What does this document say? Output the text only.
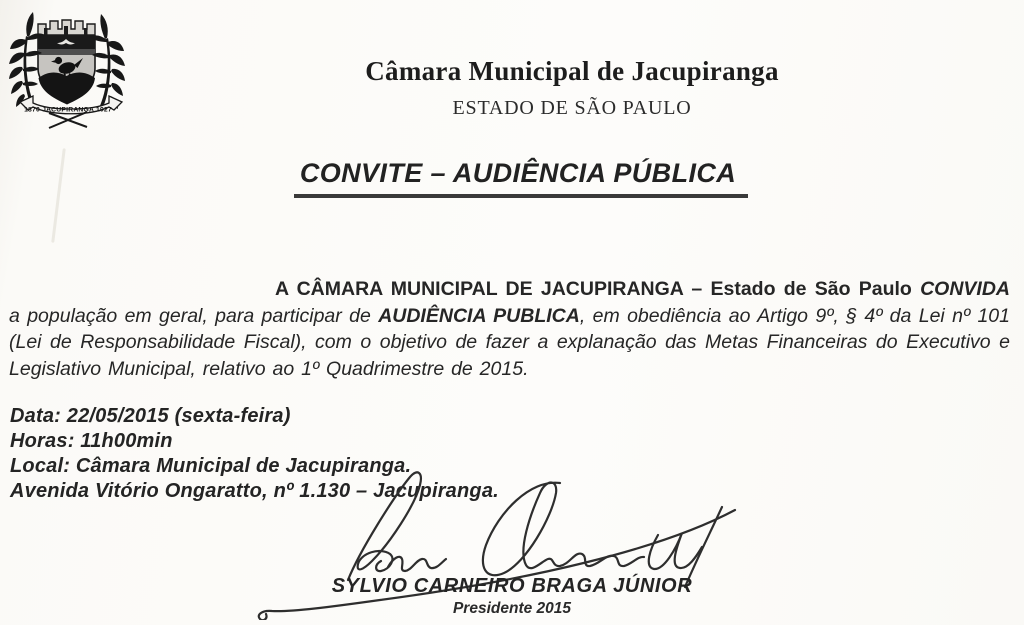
1870 JACUPIRANGA 1927
Câmara Municipal de Jacupiranga
ESTADO DE SÃO PAULO
CONVITE – AUDIÊNCIA PÚBLICA

A CÂMARA MUNICIPAL DE JACUPIRANGA – Estado de São Paulo CONVIDA a população em geral, para participar de AUDIÊNCIA PUBLICA, em obediência ao Artigo 9º, § 4º da Lei nº 101 (Lei de Responsabilidade Fiscal), com o objetivo de fazer a explanação das Metas Financeiras do Executivo e Legislativo Municipal, relativo ao 1º Quadrimestre de 2015.

Data: 22/05/2015 (sexta-feira)
Horas: 11h00min
Local: Câmara Municipal de Jacupiranga.
Avenida Vitório Ongaratto, nº 1.130 – Jacupiranga.
SYLVIO CARNEIRO BRAGA JÚNIOR
Presidente 2015
